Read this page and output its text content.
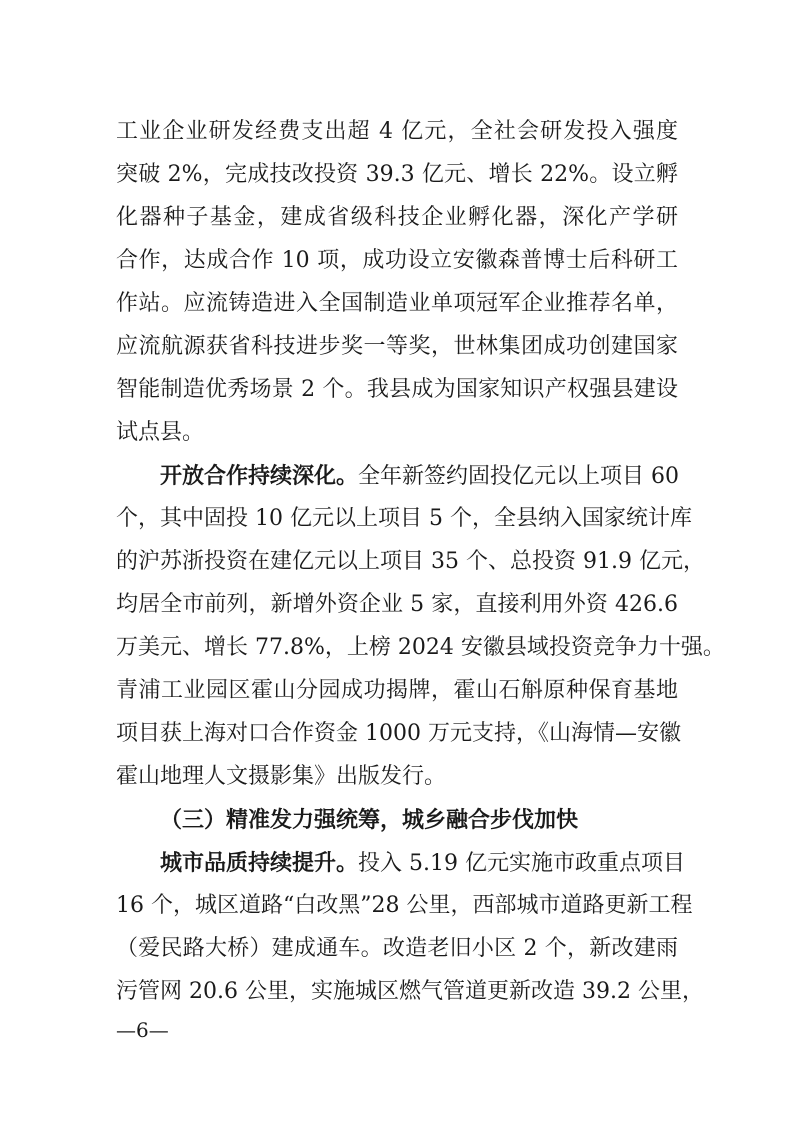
工业企业研发经费支出超 4 亿元，全社会研发投入强度
突破 2%，完成技改投资 39.3 亿元、增长 22%。设立孵
化器种子基金，建成省级科技企业孵化器，深化产学研
合作，达成合作 10 项，成功设立安徽森普博士后科研工
作站。应流铸造进入全国制造业单项冠军企业推荐名单，
应流航源获省科技进步奖一等奖，世林集团成功创建国家
智能制造优秀场景 2 个。我县成为国家知识产权强县建设
试点县。
开放合作持续深化。全年新签约固投亿元以上项目 60
个，其中固投 10 亿元以上项目 5 个，全县纳入国家统计库
的沪苏浙投资在建亿元以上项目 35 个、总投资 91.9 亿元，
均居全市前列，新增外资企业 5 家，直接利用外资 426.6
万美元、增长 77.8%，上榜 2024 安徽县域投资竞争力十强。
青浦工业园区霍山分园成功揭牌，霍山石斛原种保育基地
项目获上海对口合作资金 1000 万元支持，《山海情—安徽
霍山地理人文摄影集》出版发行。
（三）精准发力强统筹，城乡融合步伐加快
城市品质持续提升。投入 5.19 亿元实施市政重点项目
16 个，城区道路“白改黑”28 公里，西部城市道路更新工程
（爱民路大桥）建成通车。改造老旧小区 2 个，新改建雨
污管网 20.6 公里，实施城区燃气管道更新改造 39.2 公里，
—6—
